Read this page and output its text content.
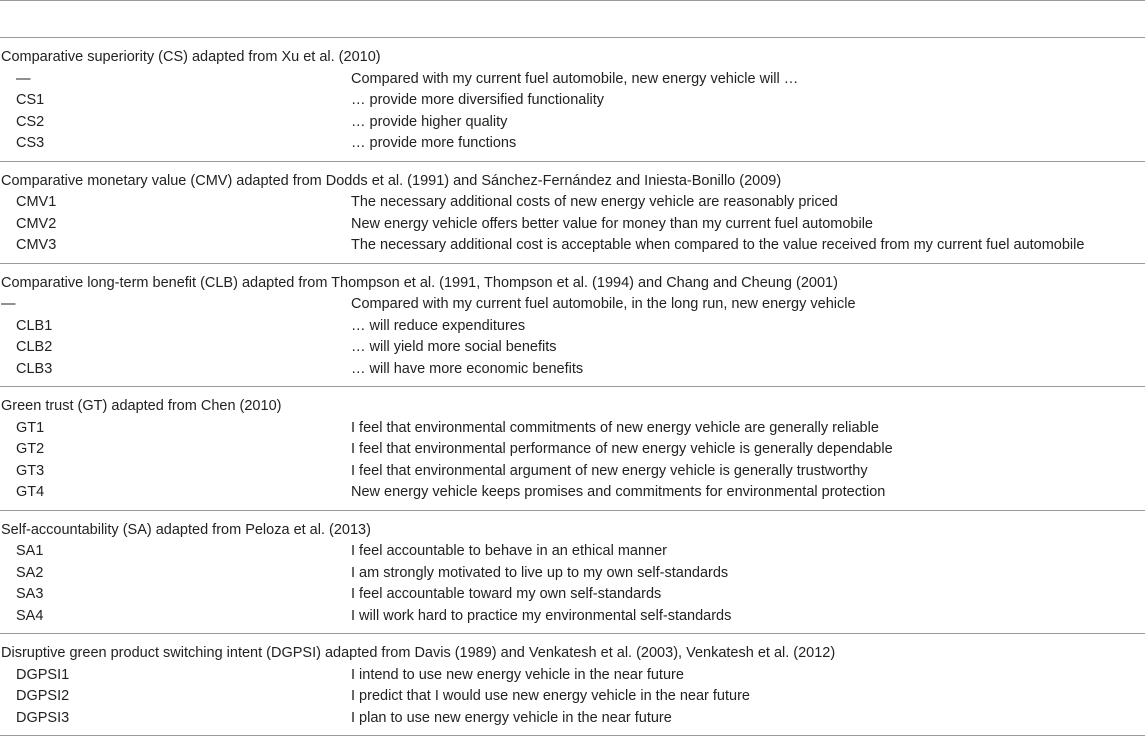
Comparative superiority (CS) adapted from Xu et al. (2010)
—	Compared with my current fuel automobile, new energy vehicle will …
CS1	… provide more diversified functionality
CS2	… provide higher quality
CS3	… provide more functions
Comparative monetary value (CMV) adapted from Dodds et al. (1991) and Sánchez-Fernández and Iniesta-Bonillo (2009)
CMV1	The necessary additional costs of new energy vehicle are reasonably priced
CMV2	New energy vehicle offers better value for money than my current fuel automobile
CMV3	The necessary additional cost is acceptable when compared to the value received from my current fuel automobile
Comparative long-term benefit (CLB) adapted from Thompson et al. (1991, Thompson et al. (1994) and Chang and Cheung (2001)
—	Compared with my current fuel automobile, in the long run, new energy vehicle
CLB1	… will reduce expenditures
CLB2	… will yield more social benefits
CLB3	… will have more economic benefits
Green trust (GT) adapted from Chen (2010)
GT1	I feel that environmental commitments of new energy vehicle are generally reliable
GT2	I feel that environmental performance of new energy vehicle is generally dependable
GT3	I feel that environmental argument of new energy vehicle is generally trustworthy
GT4	New energy vehicle keeps promises and commitments for environmental protection
Self-accountability (SA) adapted from Peloza et al. (2013)
SA1	I feel accountable to behave in an ethical manner
SA2	I am strongly motivated to live up to my own self-standards
SA3	I feel accountable toward my own self-standards
SA4	I will work hard to practice my environmental self-standards
Disruptive green product switching intent (DGPSI) adapted from Davis (1989) and Venkatesh et al. (2003), Venkatesh et al. (2012)
DGPSI1	I intend to use new energy vehicle in the near future
DGPSI2	I predict that I would use new energy vehicle in the near future
DGPSI3	I plan to use new energy vehicle in the near future
